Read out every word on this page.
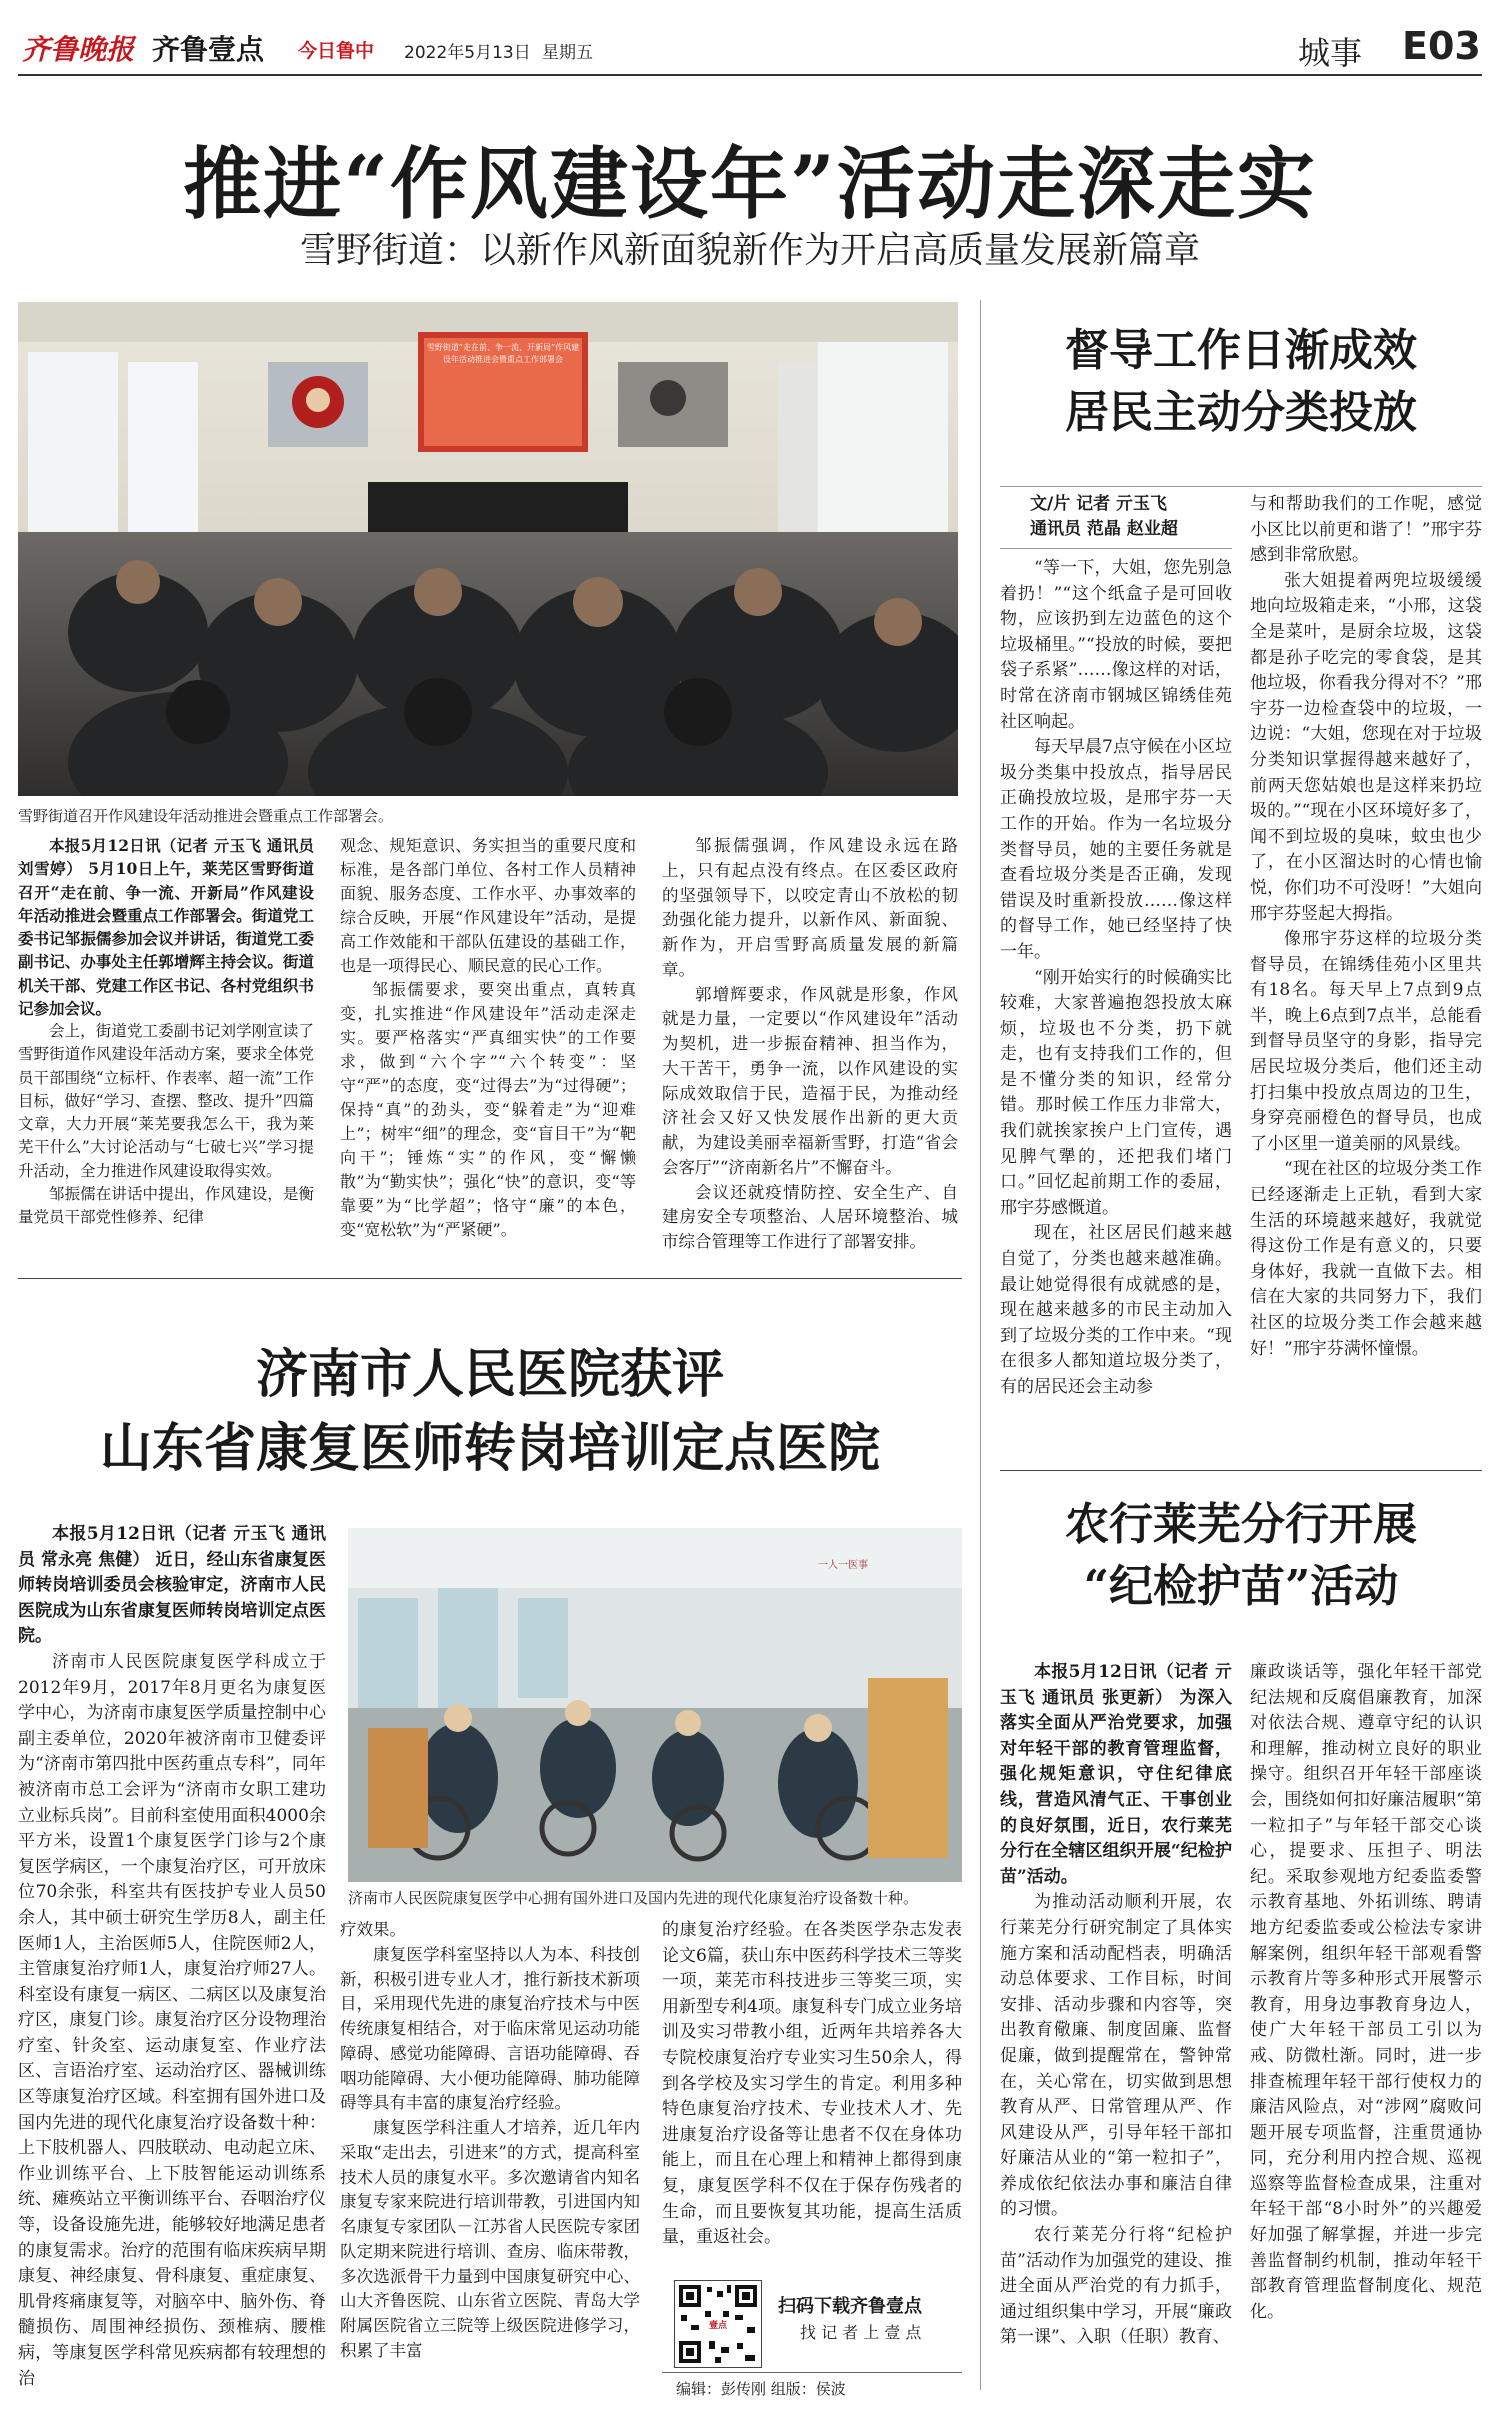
齐鲁晚报 齐鲁壹点 今日鲁中 2022年5月13日 星期五	城事 E03
推进“作风建设年”活动走深走实
雪野街道：以新作风新面貌新作为开启高质量发展新篇章
雪野街道“走在前、争一流、开新局”作风建设年活动推进会暨重点工作部署会
雪野街道召开作风建设年活动推进会暨重点工作部署会。

本报5月12日讯（记者 亓玉飞 通讯员 刘雪婷） 5月10日上午，莱芜区雪野街道召开“走在前、争一流、开新局”作风建设年活动推进会暨重点工作部署会。街道党工委书记邹振儒参加会议并讲话，街道党工委副书记、办事处主任郭增辉主持会议。街道机关干部、党建工作区书记、各村党组织书记参加会议。

会上，街道党工委副书记刘学刚宣读了雪野街道作风建设年活动方案，要求全体党员干部围绕“立标杆、作表率、超一流”工作目标，做好“学习、查摆、整改、提升”四篇文章，大力开展“莱芜要我怎么干，我为莱芜干什么”大讨论活动与“七破七兴”学习提升活动，全力推进作风建设取得实效。

邹振儒在讲话中提出，作风建设，是衡量党员干部党性修养、纪律

观念、规矩意识、务实担当的重要尺度和标准，是各部门单位、各村工作人员精神面貌、服务态度、工作水平、办事效率的综合反映，开展“作风建设年”活动，是提高工作效能和干部队伍建设的基础工作，也是一项得民心、顺民意的民心工作。

邹振儒要求，要突出重点，真转真变，扎实推进“作风建设年”活动走深走实。要严格落实“严真细实快”的工作要求，做到“六个字”“六个转变”：坚守“严”的态度，变“过得去”为“过得硬”；保持“真”的劲头，变“躲着走”为“迎难上”；树牢“细”的理念，变“盲目干”为“靶向干”；锤炼“实”的作风，变“懈懒散”为“勤实快”；强化“快”的意识，变“等靠要”为“比学超”；恪守“廉”的本色，变“宽松软”为“严紧硬”。

邹振儒强调，作风建设永远在路上，只有起点没有终点。在区委区政府的坚强领导下，以咬定青山不放松的韧劲强化能力提升，以新作风、新面貌、新作为，开启雪野高质量发展的新篇章。

郭增辉要求，作风就是形象，作风就是力量，一定要以“作风建设年”活动为契机，进一步振奋精神、担当作为，大干苦干，勇争一流，以作风建设的实际成效取信于民，造福于民，为推动经济社会又好又快发展作出新的更大贡献，为建设美丽幸福新雪野，打造“省会会客厅”“济南新名片”不懈奋斗。

会议还就疫情防控、安全生产、自建房安全专项整治、人居环境整治、城市综合管理等工作进行了部署安排。

督导工作日渐成效
居民主动分类投放
文/片 记者 亓玉飞
通讯员 范晶 赵业超

“等一下，大姐，您先别急着扔！”“这个纸盒子是可回收物，应该扔到左边蓝色的这个垃圾桶里。”“投放的时候，要把袋子系紧”……像这样的对话，时常在济南市钢城区锦绣佳苑社区响起。

每天早晨7点守候在小区垃圾分类集中投放点，指导居民正确投放垃圾，是邢宇芬一天工作的开始。作为一名垃圾分类督导员，她的主要任务就是查看垃圾分类是否正确，发现错误及时重新投放……像这样的督导工作，她已经坚持了快一年。

“刚开始实行的时候确实比较难，大家普遍抱怨投放太麻烦，垃圾也不分类，扔下就走，也有支持我们工作的，但是不懂分类的知识，经常分错。那时候工作压力非常大，我们就挨家挨户上门宣传，遇见脾气犟的，还把我们堵门口。”回忆起前期工作的委屈，邢宇芬感慨道。

现在，社区居民们越来越自觉了，分类也越来越准确。最让她觉得很有成就感的是，现在越来越多的市民主动加入到了垃圾分类的工作中来。“现在很多人都知道垃圾分类了，有的居民还会主动参

与和帮助我们的工作呢，感觉小区比以前更和谐了！”邢宇芬感到非常欣慰。

张大姐提着两兜垃圾缓缓地向垃圾箱走来，“小邢，这袋全是菜叶，是厨余垃圾，这袋都是孙子吃完的零食袋，是其他垃圾，你看我分得对不？”邢宇芬一边检查袋中的垃圾，一边说：“大姐，您现在对于垃圾分类知识掌握得越来越好了，前两天您姑娘也是这样来扔垃圾的。”“现在小区环境好多了，闻不到垃圾的臭味，蚊虫也少了，在小区溜达时的心情也愉悦，你们功不可没呀！”大姐向邢宇芬竖起大拇指。

像邢宇芬这样的垃圾分类督导员，在锦绣佳苑小区里共有18名。每天早上7点到9点半，晚上6点到7点半，总能看到督导员坚守的身影，指导完居民垃圾分类后，他们还主动打扫集中投放点周边的卫生，身穿亮丽橙色的督导员，也成了小区里一道美丽的风景线。

“现在社区的垃圾分类工作已经逐渐走上正轨，看到大家生活的环境越来越好，我就觉得这份工作是有意义的，只要身体好，我就一直做下去。相信在大家的共同努力下，我们社区的垃圾分类工作会越来越好！”邢宇芬满怀憧憬。

济南市人民医院获评
山东省康复医师转岗培训定点医院
一人一医事
济南市人民医院康复医学中心拥有国外进口及国内先进的现代化康复治疗设备数十种。

本报5月12日讯（记者 亓玉飞 通讯员 常永亮 焦健） 近日，经山东省康复医师转岗培训委员会核验审定，济南市人民医院成为山东省康复医师转岗培训定点医院。

济南市人民医院康复医学科成立于2012年9月，2017年8月更名为康复医学中心，为济南市康复医学质量控制中心副主委单位，2020年被济南市卫健委评为“济南市第四批中医药重点专科”，同年被济南市总工会评为“济南市女职工建功立业标兵岗”。目前科室使用面积4000余平方米，设置1个康复医学门诊与2个康复医学病区，一个康复治疗区，可开放床位70余张，科室共有医技护专业人员50余人，其中硕士研究生学历8人，副主任医师1人，主治医师5人，住院医师2人，主管康复治疗师1人，康复治疗师27人。科室设有康复一病区、二病区以及康复治疗区，康复门诊。康复治疗区分设物理治疗室、针灸室、运动康复室、作业疗法区、言语治疗室、运动治疗区、器械训练区等康复治疗区域。科室拥有国外进口及国内先进的现代化康复治疗设备数十种：上下肢机器人、四肢联动、电动起立床、作业训练平台、上下肢智能运动训练系统、瘫痪站立平衡训练平台、吞咽治疗仪等，设备设施先进，能够较好地满足患者的康复需求。治疗的范围有临床疾病早期康复、神经康复、骨科康复、重症康复、肌骨疼痛康复等，对脑卒中、脑外伤、脊髓损伤、周围神经损伤、颈椎病、腰椎病，等康复医学科常见疾病都有较理想的治

疗效果。

康复医学科室坚持以人为本、科技创新，积极引进专业人才，推行新技术新项目，采用现代先进的康复治疗技术与中医传统康复相结合，对于临床常见运动功能障碍、感觉功能障碍、言语功能障碍、吞咽功能障碍、大小便功能障碍、肺功能障碍等具有丰富的康复治疗经验。

康复医学科注重人才培养，近几年内采取“走出去，引进来”的方式，提高科室技术人员的康复水平。多次邀请省内知名康复专家来院进行培训带教，引进国内知名康复专家团队－江苏省人民医院专家团队定期来院进行培训、查房、临床带教，多次选派骨干力量到中国康复研究中心、山大齐鲁医院、山东省立医院、青岛大学附属医院省立三院等上级医院进修学习，积累了丰富

的康复治疗经验。在各类医学杂志发表论文6篇，获山东中医药科学技术三等奖一项，莱芜市科技进步三等奖三项，实用新型专利4项。康复科专门成立业务培训及实习带教小组，近两年共培养各大专院校康复治疗专业实习生50余人，得到各学校及实习学生的肯定。利用多种特色康复治疗技术、专业技术人才、先进康复治疗设备等让患者不仅在身体功能上，而且在心理上和精神上都得到康复，康复医学科不仅在于保存伤残者的生命，而且要恢复其功能，提高生活质量，重返社会。

壹点
扫码下载齐鲁壹点
找 记 者 上 壹 点
编辑：彭传刚 组版：侯波
农行莱芜分行开展
“纪检护苗”活动

本报5月12日讯（记者 亓玉飞 通讯员 张更新） 为深入落实全面从严治党要求，加强对年轻干部的教育管理监督，强化规矩意识，守住纪律底线，营造风清气正、干事创业的良好氛围，近日，农行莱芜分行在全辖区组织开展“纪检护苗”活动。

为推动活动顺利开展，农行莱芜分行研究制定了具体实施方案和活动配档表，明确活动总体要求、工作目标，时间安排、活动步骤和内容等，突出教育儆廉、制度固廉、监督促廉，做到提醒常在，警钟常在，关心常在，切实做到思想教育从严、日常管理从严、作风建设从严，引导年轻干部扣好廉洁从业的“第一粒扣子”，养成依纪依法办事和廉洁自律的习惯。

农行莱芜分行将“纪检护苗”活动作为加强党的建设、推进全面从严治党的有力抓手，通过组织集中学习，开展“廉政第一课”、入职（任职）教育、

廉政谈话等，强化年轻干部党纪法规和反腐倡廉教育，加深对依法合规、遵章守纪的认识和理解，推动树立良好的职业操守。组织召开年轻干部座谈会，围绕如何扣好廉洁履职“第一粒扣子”与年轻干部交心谈心，提要求、压担子、明法纪。采取参观地方纪委监委警示教育基地、外拓训练、聘请地方纪委监委或公检法专家讲解案例，组织年轻干部观看警示教育片等多种形式开展警示教育，用身边事教育身边人，使广大年轻干部员工引以为戒、防微杜渐。同时，进一步排查梳理年轻干部行使权力的廉洁风险点，对“涉网”腐败问题开展专项监督，注重贯通协同，充分利用内控合规、巡视巡察等监督检查成果，注重对年轻干部“8小时外”的兴趣爱好加强了解掌握，并进一步完善监督制约机制，推动年轻干部教育管理监督制度化、规范化。
